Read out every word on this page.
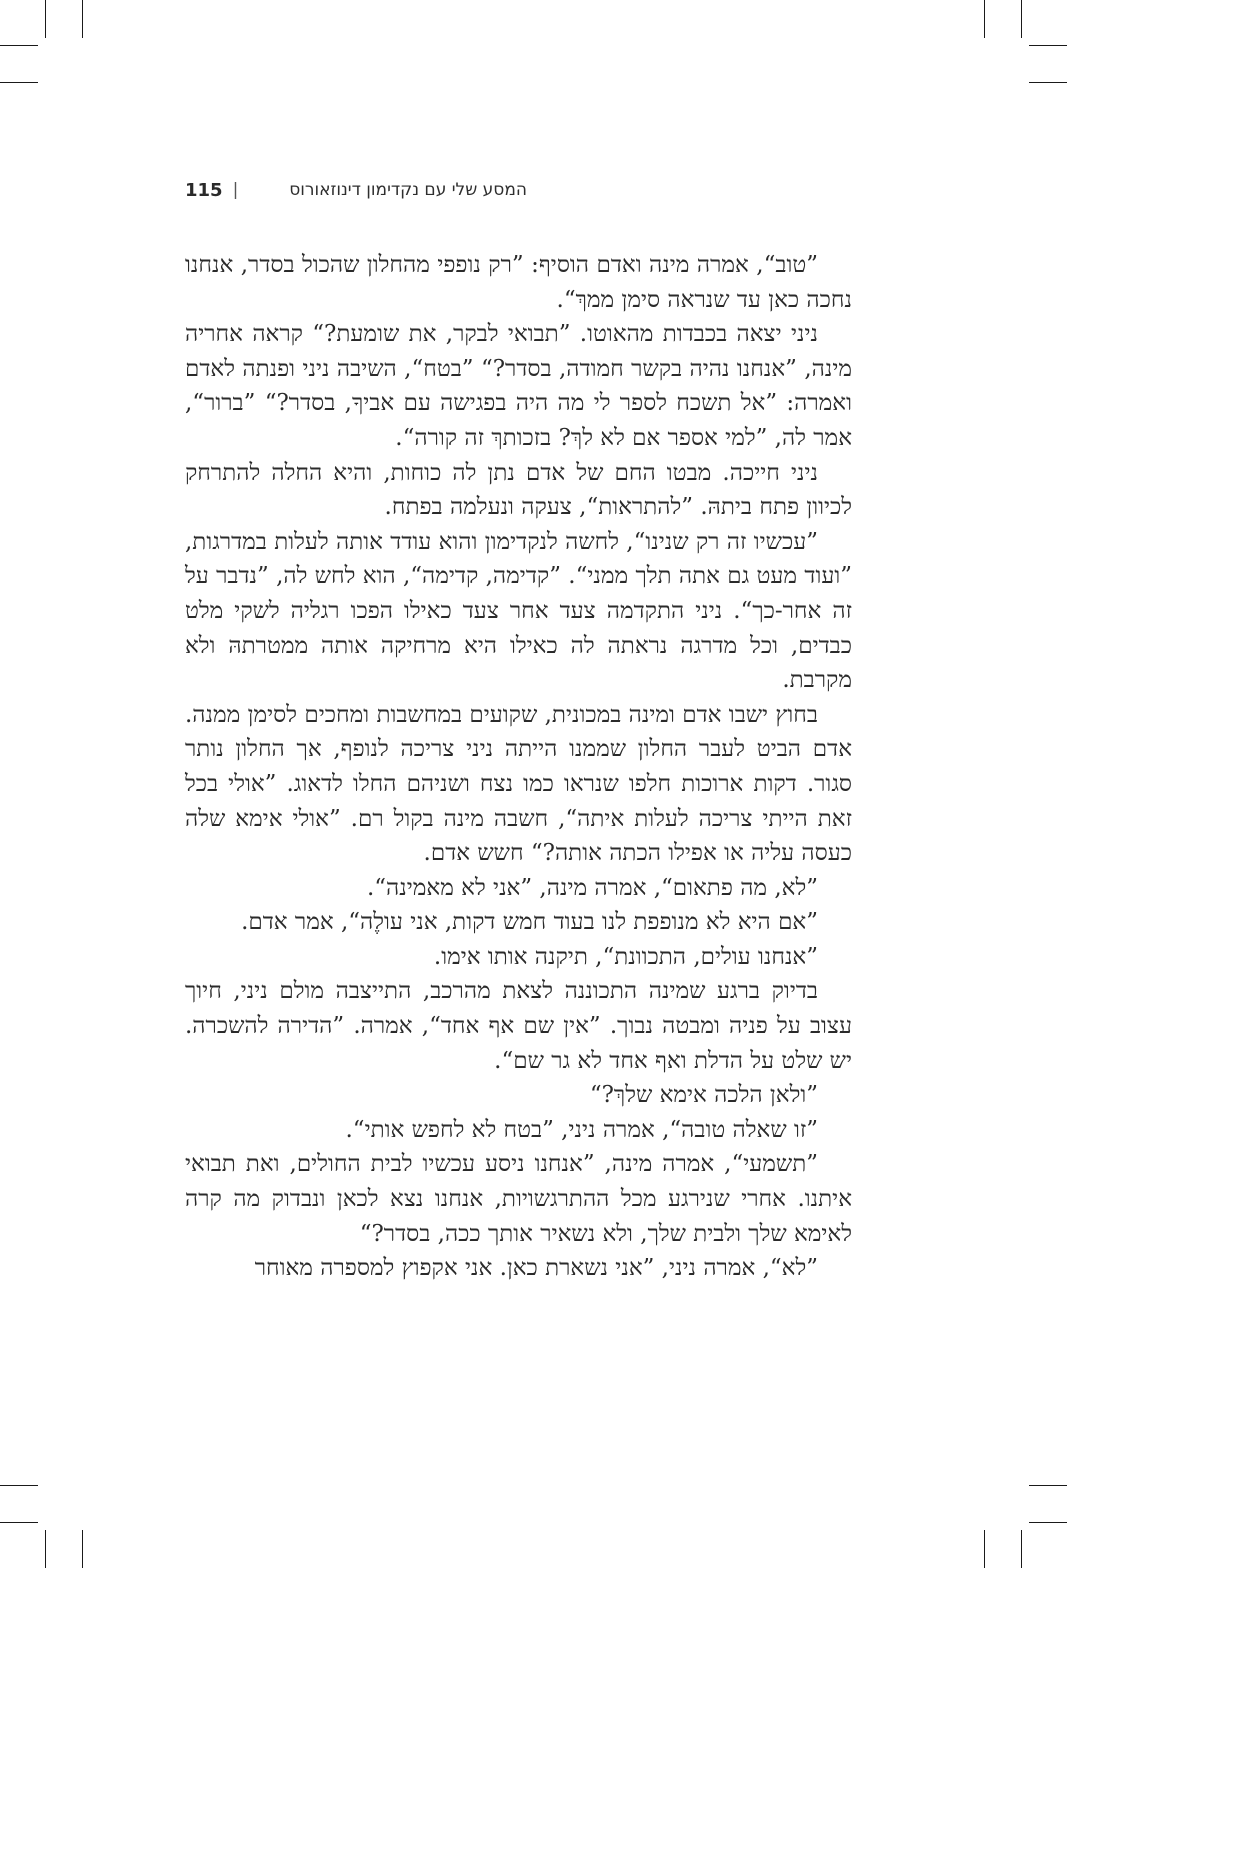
המסע שלי עם נקדימון דינוזאורוס
|
115

”טוב“, אמרה מינה ואדם הוסיף: ”רק נופפי מהחלון שהכול בסדר, אנחנו נחכה כאן עד שנראה סימן ממךְ“.

ניני יצאה בכבדות מהאוטו. ”תבואי לבקר, את שומעת?“ קראה אחריה מינה, ”אנחנו נהיה בקשר חמודה, בסדר?“ ”בטח“, השיבה ניני ופנתה לאדם ואמרה: ”אל תשכח לספר לי מה היה בפגישה עם אביךָ, בסדר?“ ”ברור“, אמר לה, ”למי אספר אם לא לךְ? בזכותךְ זה קורה“.

ניני חייכה. מבטו החם של אדם נתן לה כוחות, והיא החלה להתרחק לכיוון פתח ביתהּ. ”להתראות“, צעקה ונעלמה בפתח.

”עכשיו זה רק שנינו“, לחשה לנקדימון והוא עודד אותה לעלות במדרגות, ”ועוד מעט גם אתה תלך ממני“. ”קדימה, קדימה“, הוא לחש לה, ”נדבר על זה אחר-כך“. ניני התקדמה צעד אחר צעד כאילו הפכו רגליה לשקי מלט כבדים, וכל מדרגה נראתה לה כאילו היא מרחיקה אותה ממטרתהּ ולא מקרבת.

בחוץ ישבו אדם ומינה במכונית, שקועים במחשבות ומחכים לסימן ממנה. אדם הביט לעבר החלון שממנו הייתה ניני צריכה לנופף, אך החלון נותר סגור. דקות ארוכות חלפו שנראו כמו נצח ושניהם החלו לדאוג. ”אולי בכל זאת הייתי צריכה לעלות איתה“, חשבה מינה בקול רם. ”אולי אימא שלה כעסה עליה או אפילו הכתה אותה?“ חשש אדם.

”לא, מה פתאום“, אמרה מינה, ”אני לא מאמינה“.

”אם היא לא מנופפת לנו בעוד חמש דקות, אני עולֶה“, אמר אדם.

”אנחנו עולים, התכוונת“, תיקנה אותו אימו.

בדיוק ברגע שמינה התכוננה לצאת מהרכב, התייצבה מולם ניני, חיוך עצוב על פניה ומבטה נבוך. ”אין שם אף אחד“, אמרה. ”הדירה להשכרה. יש שלט על הדלת ואף אחד לא גר שם“.

”ולאן הלכה אימא שלךְ?“

”זו שאלה טובה“, אמרה ניני, ”בטח לא לחפש אותי“.

”תשמעי“, אמרה מינה, ”אנחנו ניסע עכשיו לבית החולים, ואת תבואי איתנו. אחרי שנירגע מכל ההתרגשויות, אנחנו נצא לכאן ונבדוק מה קרה לאימא שלך ולבית שלך, ולא נשאיר אותך ככה, בסדר?“

”לא“, אמרה ניני, ”אני נשארת כאן. אני אקפוץ למספרה מאוחר
